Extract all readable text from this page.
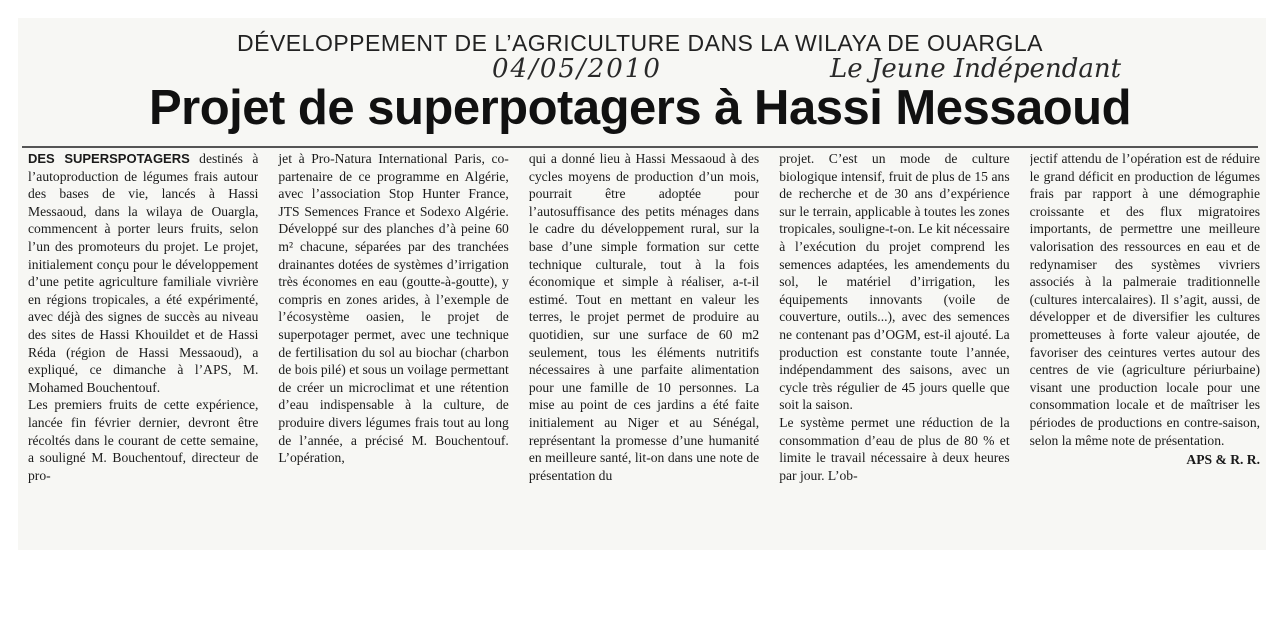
DÉVELOPPEMENT DE L’AGRICULTURE DANS LA WILAYA DE OUARGLA
04/05/2010	Le Jeune Indépendant
Projet de superpotagers à Hassi Messaoud

DES SUPERSPOTAGERS destinés à l’autoproduction de légumes frais autour des bases de vie, lancés à Hassi Messaoud, dans la wilaya de Ouargla, commencent à porter leurs fruits, selon l’un des promoteurs du projet. Le projet, initialement conçu pour le développement d’une petite agriculture familiale vivrière en régions tropicales, a été expérimenté, avec déjà des signes de succès au niveau des sites de Hassi Khouildet et de Hassi Réda (région de Hassi Messaoud), a expliqué, ce dimanche à l’APS, M. Mohamed Bouchentouf.

Les premiers fruits de cette expérience, lancée fin février dernier, devront être récoltés dans le courant de cette semaine, a souligné M. Bouchentouf, directeur de pro-

jet à Pro-Natura International Paris, co-partenaire de ce programme en Algérie, avec l’association Stop Hunter France, JTS Semences France et Sodexo Algérie. Développé sur des planches d’à peine 60 m² chacune, séparées par des tranchées drainantes dotées de systèmes d’irrigation très économes en eau (goutte-à-goutte), y compris en zones arides, à l’exemple de l’écosystème oasien, le projet de superpotager permet, avec une technique de fertilisation du sol au biochar (charbon de bois pilé) et sous un voilage permettant de créer un microclimat et une rétention d’eau indispensable à la culture, de produire divers légumes frais tout au long de l’année, a précisé M. Bouchentouf. L’opération,

qui a donné lieu à Hassi Messaoud à des cycles moyens de production d’un mois, pourrait être adoptée pour l’autosuffisance des petits ménages dans le cadre du développement rural, sur la base d’une simple formation sur cette technique culturale, tout à la fois économique et simple à réaliser, a-t-il estimé. Tout en mettant en valeur les terres, le projet permet de produire au quotidien, sur une surface de 60 m2 seulement, tous les éléments nutritifs nécessaires à une parfaite alimentation pour une famille de 10 personnes. La mise au point de ces jardins a été faite initialement au Niger et au Sénégal, représentant la promesse d’une humanité en meilleure santé, lit-on dans une note de présentation du

projet. C’est un mode de culture biologique intensif, fruit de plus de 15 ans de recherche et de 30 ans d’expérience sur le terrain, applicable à toutes les zones tropicales, souligne-t-on. Le kit nécessaire à l’exécution du projet comprend les semences adaptées, les amendements du sol, le matériel d’irrigation, les équipements innovants (voile de couverture, outils...), avec des semences ne contenant pas d’OGM, est-il ajouté. La production est constante toute l’année, indépendamment des saisons, avec un cycle très régulier de 45 jours quelle que soit la saison.

Le système permet une réduction de la consommation d’eau de plus de 80 % et limite le travail nécessaire à deux heures par jour. L’ob-

jectif attendu de l’opération est de réduire le grand déficit en production de légumes frais par rapport à une démographie croissante et des flux migratoires importants, de permettre une meilleure valorisation des ressources en eau et de redynamiser des systèmes vivriers associés à la palmeraie traditionnelle (cultures intercalaires). Il s’agit, aussi, de développer et de diversifier les cultures prometteuses à forte valeur ajoutée, de favoriser des ceintures vertes autour des centres de vie (agriculture périurbaine) visant une production locale pour une consommation locale et de maîtriser les périodes de productions en contre-saison, selon la même note de présentation.

APS & R. R.
